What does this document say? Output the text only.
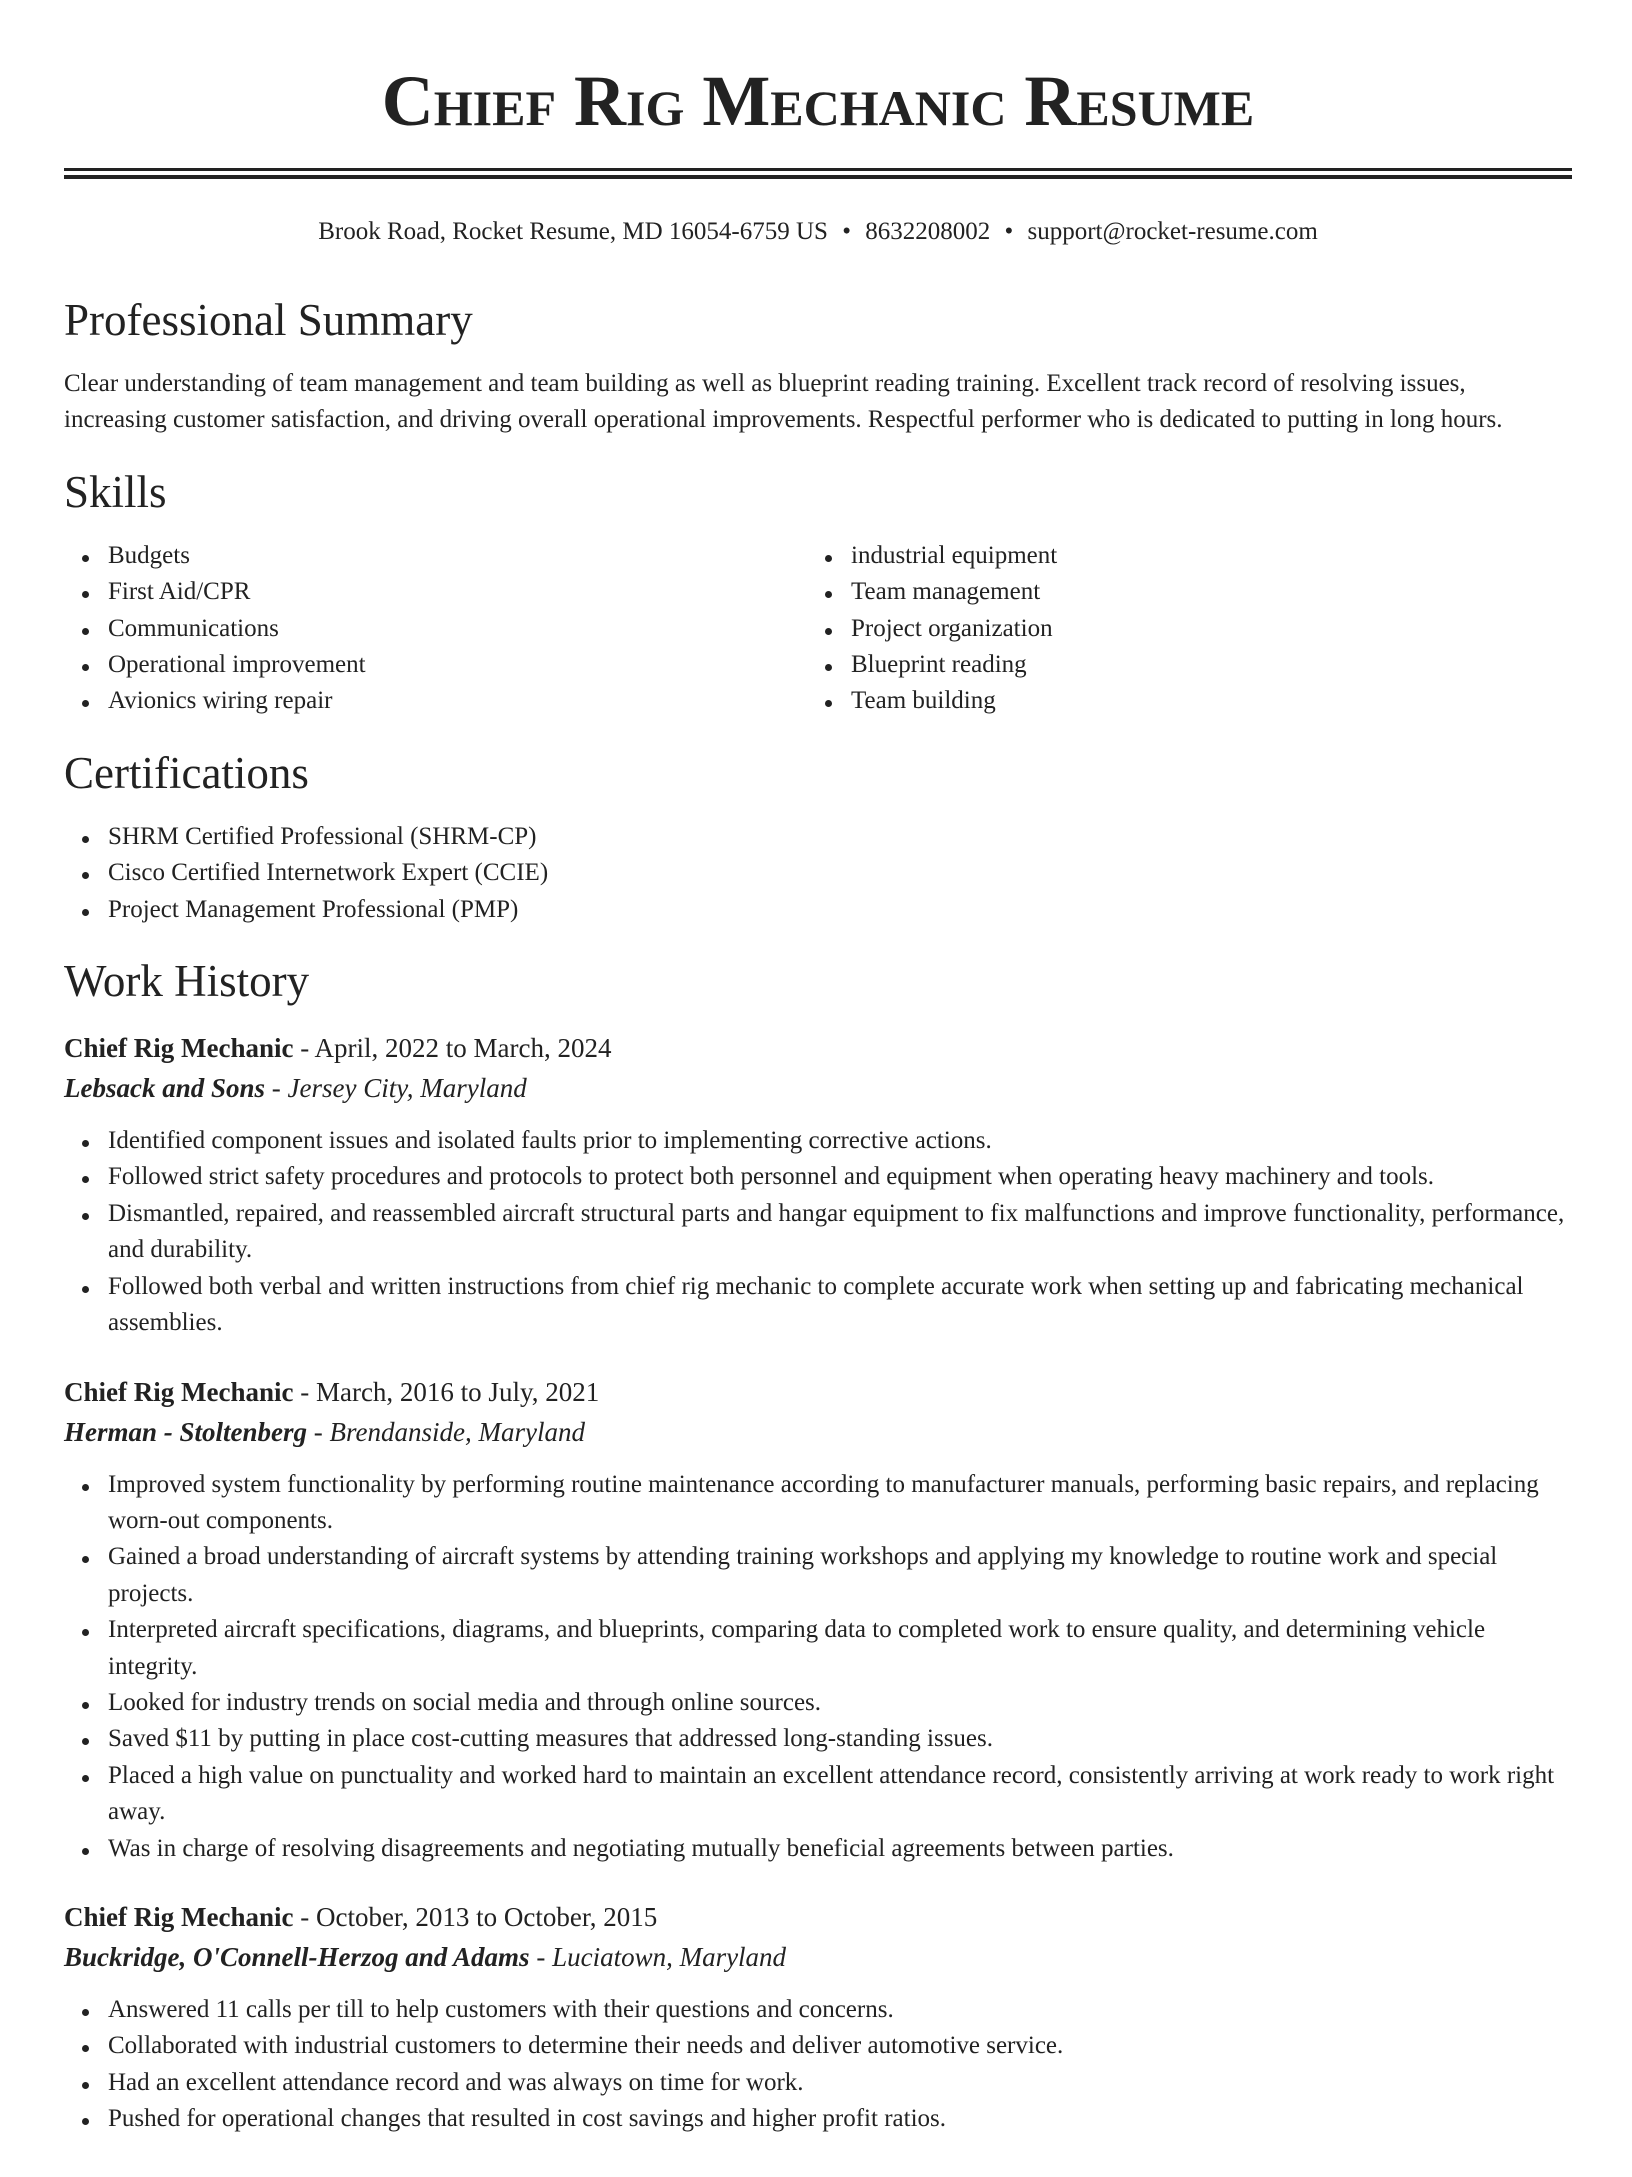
Chief Rig Mechanic Resume
Brook Road, Rocket Resume, MD 16054-6759 US • 8632208002 • support@rocket-resume.com
Professional Summary

Clear understanding of team management and team building as well as blueprint reading training. Excellent track record of resolving issues, increasing customer satisfaction, and driving overall operational improvements. Respectful performer who is dedicated to putting in long hours.

Skills
Budgets
First Aid/CPR
Communications
Operational improvement
Avionics wiring repair
industrial equipment
Team management
Project organization
Blueprint reading
Team building
Certifications
SHRM Certified Professional (SHRM-CP)
Cisco Certified Internetwork Expert (CCIE)
Project Management Professional (PMP)
Work History
Chief Rig Mechanic - April, 2022 to March, 2024
Lebsack and Sons - Jersey City, Maryland
Identified component issues and isolated faults prior to implementing corrective actions.
Followed strict safety procedures and protocols to protect both personnel and equipment when operating heavy machinery and tools.
Dismantled, repaired, and reassembled aircraft structural parts and hangar equipment to fix malfunctions and improve functionality, performance, and durability.
Followed both verbal and written instructions from chief rig mechanic to complete accurate work when setting up and fabricating mechanical assemblies.
Chief Rig Mechanic - March, 2016 to July, 2021
Herman - Stoltenberg - Brendanside, Maryland
Improved system functionality by performing routine maintenance according to manufacturer manuals, performing basic repairs, and replacing worn-out components.
Gained a broad understanding of aircraft systems by attending training workshops and applying my knowledge to routine work and special projects.
Interpreted aircraft specifications, diagrams, and blueprints, comparing data to completed work to ensure quality, and determining vehicle integrity.
Looked for industry trends on social media and through online sources.
Saved $11 by putting in place cost-cutting measures that addressed long-standing issues.
Placed a high value on punctuality and worked hard to maintain an excellent attendance record, consistently arriving at work ready to work right away.
Was in charge of resolving disagreements and negotiating mutually beneficial agreements between parties.
Chief Rig Mechanic - October, 2013 to October, 2015
Buckridge, O'Connell-Herzog and Adams - Luciatown, Maryland
Answered 11 calls per till to help customers with their questions and concerns.
Collaborated with industrial customers to determine their needs and deliver automotive service.
Had an excellent attendance record and was always on time for work.
Pushed for operational changes that resulted in cost savings and higher profit ratios.
